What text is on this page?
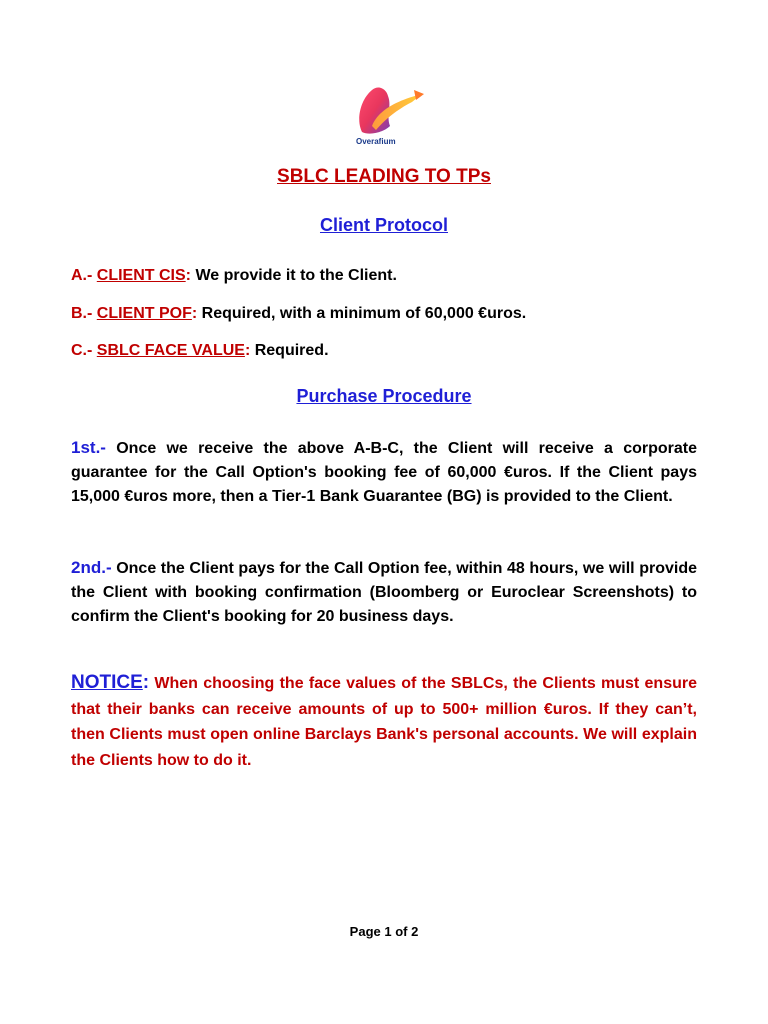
Overafium
SBLC LEADING TO TPs
Client Protocol
A.- CLIENT CIS: We provide it to the Client.
B.- CLIENT POF: Required, with a minimum of 60,000 €uros.
C.- SBLC FACE VALUE: Required.
Purchase Procedure
1st.- Once we receive the above A-B-C, the Client will receive a corporate guarantee for the Call Option's booking fee of 60,000 €uros. If the Client pays 15,000 €uros more, then a Tier-1 Bank Guarantee (BG) is provided to the Client.
2nd.- Once the Client pays for the Call Option fee, within 48 hours, we will provide the Client with booking confirmation (Bloomberg or Euroclear Screenshots) to confirm the Client's booking for 20 business days.
NOTICE: When choosing the face values of the SBLCs, the Clients must ensure that their banks can receive amounts of up to 500+ million €uros. If they can’t, then Clients must open online Barclays Bank's personal accounts. We will explain the Clients how to do it.
Page 1 of 2
